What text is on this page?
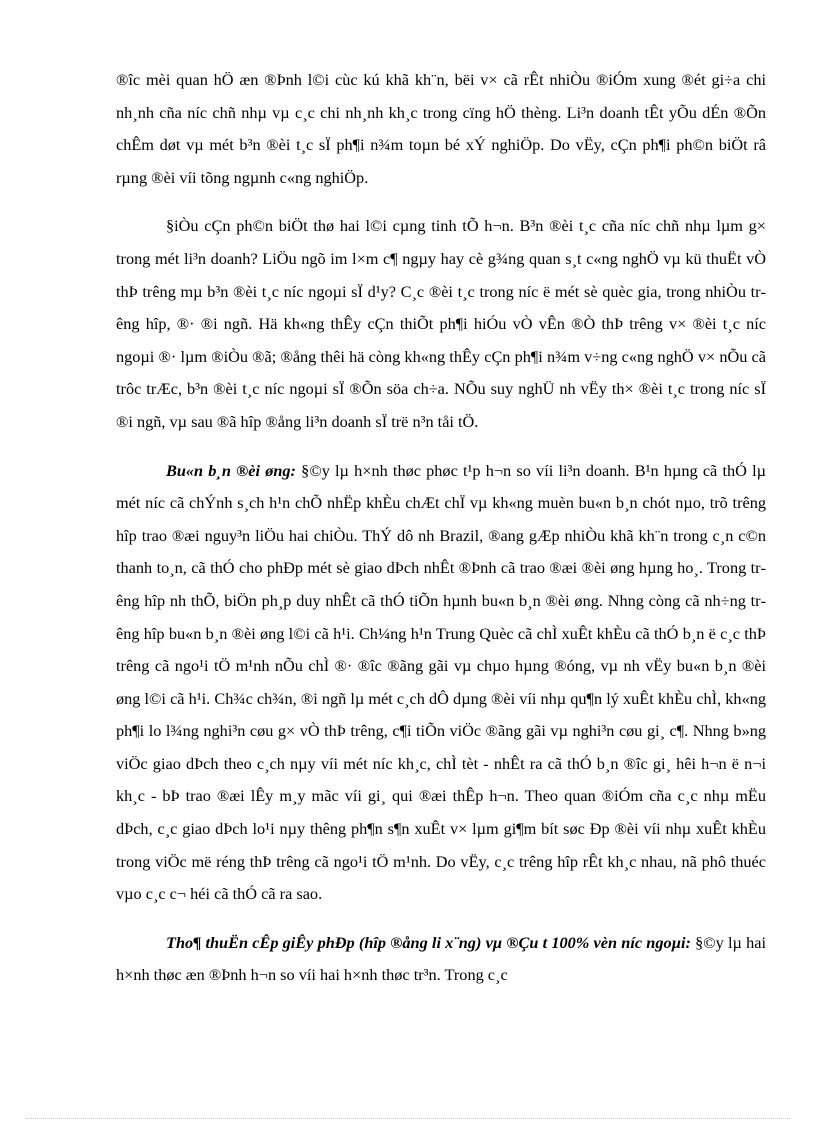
®îc mèi quan hÖ æn ®Þnh l©i cùc kú khã kh¨n, bëi v× cã rÊt nhiÒu ®iÓm xung ®ét gi÷a chi nh¸nh cña níc chñ nhµ vµ c¸c chi nh¸nh kh¸c trong cïng hÖ thèng. Li³n doanh tÊt yÕu dÉn ®Õn chÊm døt vµ mét b³n ®èi t¸c sÏ ph¶i n¾m toµn bé xÝ nghiÖp. Do vËy, cÇn ph¶i ph©n biÖt râ rµng ®èi víi tõng ngµnh c«ng nghiÖp.

§iÒu cÇn ph©n biÖt thø hai l©i cµng tinh tÕ h¬n. B³n ®èi t¸c cña níc chñ nhµ lµm g× trong mét li³n doanh? LiÖu ngõ im l×m c¶ ngµy hay cè g¾ng quan s¸t c«ng nghÖ vµ kü thuËt vÒ thÞ trêng mµ b³n ®èi t¸c níc ngoµi sÏ d¹y? C¸c ®èi t¸c trong níc ë mét sè quèc gia, trong nhiÒu trêng hîp, ®· ®i ngñ. Hä kh«ng thÊy cÇn thiÕt ph¶i hiÓu vÒ vÊn ®Ò thÞ trêng v× ®èi t¸c níc ngoµi ®· lµm ®iÒu ®ã; ®ång thêi hä còng kh«ng thÊy cÇn ph¶i n¾m v÷ng c«ng nghÖ v× nÕu cã trôc trÆc, b³n ®èi t¸c níc ngoµi sÏ ®Õn söa ch÷a. NÕu suy nghÜ nh vËy th× ®èi t¸c trong níc sÏ ®i ngñ, vµ sau ®ã hîp ®ång li³n doanh sÏ trë n³n tåi tÖ.

Bu«n b¸n ®èi øng: §©y lµ h×nh thøc phøc t¹p h¬n so víi li³n doanh. B¹n hµng cã thÓ lµ mét níc cã chÝnh s¸ch h¹n chÕ nhËp khÈu chÆt chÏ vµ kh«ng muèn bu«n b¸n chót nµo, trõ trêng hîp trao ®æi nguy³n liÖu hai chiÒu. ThÝ dô nh Brazil, ®ang gÆp nhiÒu khã kh¨n trong c¸n c©n thanh to¸n, cã thÓ cho phÐp mét sè giao dÞch nhÊt ®Þnh cã trao ®æi ®èi øng hµng ho¸. Trong trêng hîp nh thÕ, biÖn ph¸p duy nhÊt cã thÓ tiÕn hµnh bu«n b¸n ®èi øng. Nhng còng cã nh÷ng trêng hîp bu«n b¸n ®èi øng l©i cã h¹i. Ch¼ng h¹n Trung Quèc cã chÌ xuÊt khÈu cã thÓ b¸n ë c¸c thÞ trêng cã ngo¹i tÖ m¹nh nÕu chÌ ®· ®îc ®ãng gãi vµ chµo hµng ®óng, vµ nh vËy bu«n b¸n ®èi øng l©i cã h¹i. Ch¾c ch¾n, ®i ngñ lµ mét c¸ch dÔ dµng ®èi víi nhµ qu¶n lý xuÊt khÈu chÌ, kh«ng ph¶i lo l¾ng nghi³n cøu g× vÒ thÞ trêng, c¶i tiÕn viÖc ®ãng gãi vµ nghi³n cøu gi¸ c¶. Nhng b»ng viÖc giao dÞch theo c¸ch nµy víi mét níc kh¸c, chÌ tèt - nhÊt ra cã thÓ b¸n ®îc gi¸ hêi h¬n ë n¬i kh¸c - bÞ trao ®æi lÊy m¸y mãc víi gi¸ qui ®æi thÊp h¬n. Theo quan ®iÓm cña c¸c nhµ mËu dÞch, c¸c giao dÞch lo¹i nµy thêng ph¶n s¶n xuÊt v× lµm gi¶m bít søc Ðp ®èi víi nhµ xuÊt khÈu trong viÖc më réng thÞ trêng cã ngo¹i tÖ m¹nh. Do vËy, c¸c trêng hîp rÊt kh¸c nhau, nã phô thuéc vµo c¸c c¬ héi cã thÓ cã ra sao.

Tho¶ thuËn cÊp giÊy phÐp (hîp ®ång li x¨ng) vµ ®Çu t 100% vèn níc ngoµi: §©y lµ hai h×nh thøc æn ®Þnh h¬n so víi hai h×nh thøc tr³n. Trong c¸c
